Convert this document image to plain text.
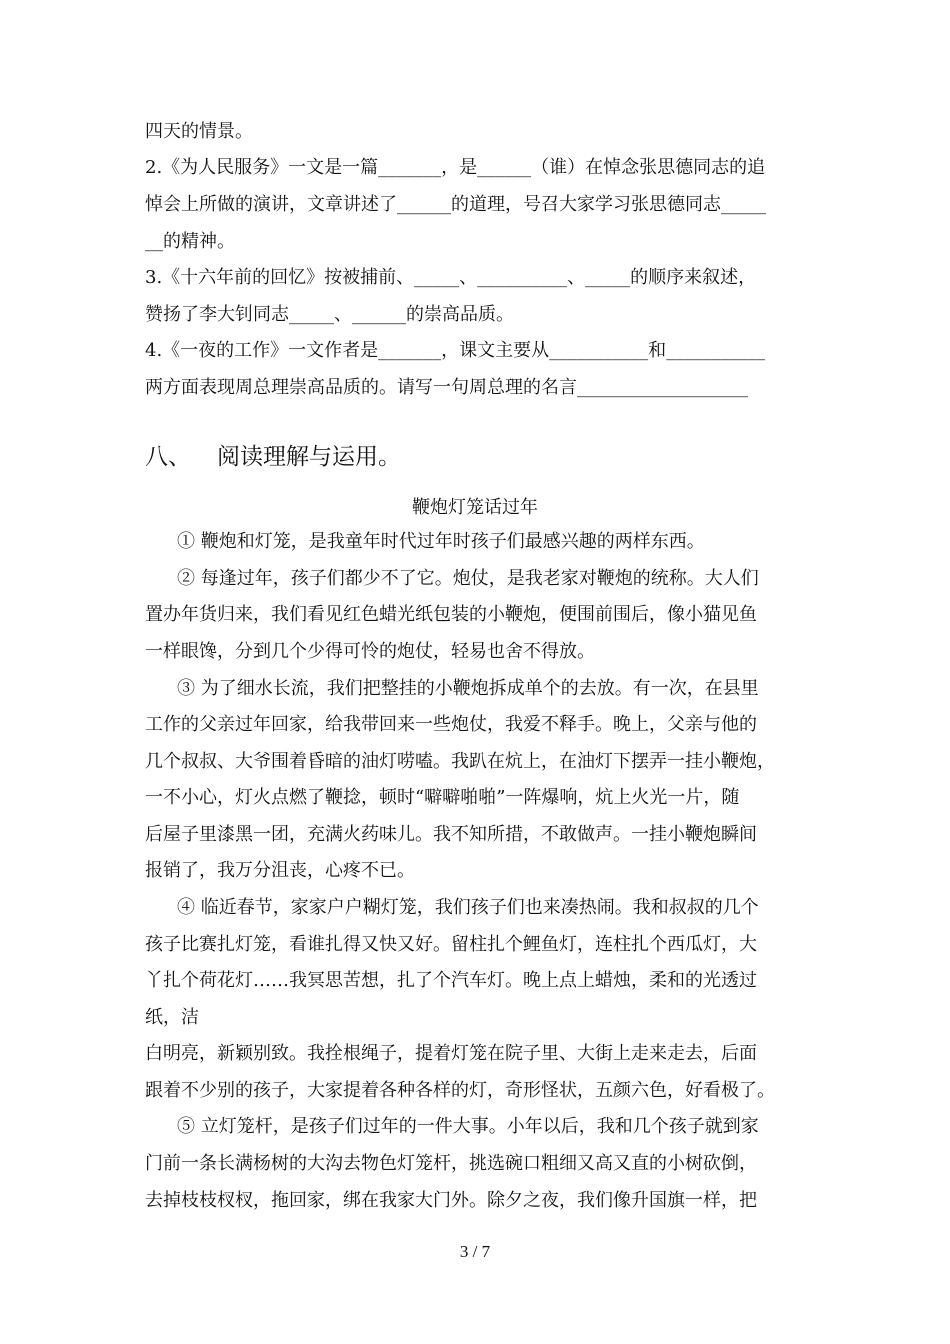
四天的情景。
2.《为人民服务》一文是一篇_______，是______（谁）在悼念张思德同志的追
悼会上所做的演讲，文章讲述了______的道理，号召大家学习张思德同志_____
__的精神。
3.《十六年前的回忆》按被捕前、_____、__________、_____的顺序来叙述，
赞扬了李大钊同志_____、______的崇高品质。
4.《一夜的工作》一文作者是_______，课文主要从___________和___________
两方面表现周总理崇高品质的。请写一句周总理的名言___________________
八、 阅读理解与运用。
鞭炮灯笼话过年
① 鞭炮和灯笼，是我童年时代过年时孩子们最感兴趣的两样东西。
② 每逢过年，孩子们都少不了它。炮仗，是我老家对鞭炮的统称。大人们
置办年货归来，我们看见红色蜡光纸包装的小鞭炮，便围前围后，像小猫见鱼
一样眼馋，分到几个少得可怜的炮仗，轻易也舍不得放。
③ 为了细水长流，我们把整挂的小鞭炮拆成单个的去放。有一次，在县里
工作的父亲过年回家，给我带回来一些炮仗，我爱不释手。晚上，父亲与他的
几个叔叔、大爷围着昏暗的油灯唠嗑。我趴在炕上，在油灯下摆弄一挂小鞭炮，
一不小心，灯火点燃了鞭捻，顿时“噼噼啪啪”一阵爆响，炕上火光一片，随
后屋子里漆黑一团，充满火药味儿。我不知所措，不敢做声。一挂小鞭炮瞬间
报销了，我万分沮丧，心疼不已。
④ 临近春节，家家户户糊灯笼，我们孩子们也来凑热闹。我和叔叔的几个
孩子比赛扎灯笼，看谁扎得又快又好。留柱扎个鲤鱼灯，连柱扎个西瓜灯，大
丫扎个荷花灯……我冥思苦想，扎了个汽车灯。晚上点上蜡烛，柔和的光透过
纸，洁
白明亮，新颖别致。我拴根绳子，提着灯笼在院子里、大街上走来走去，后面
跟着不少别的孩子，大家提着各种各样的灯，奇形怪状，五颜六色，好看极了。
⑤ 立灯笼杆，是孩子们过年的一件大事。小年以后，我和几个孩子就到家
门前一条长满杨树的大沟去物色灯笼杆，挑选碗口粗细又高又直的小树砍倒，
去掉枝枝杈杈，拖回家，绑在我家大门外。除夕之夜，我们像升国旗一样，把
3 / 7
